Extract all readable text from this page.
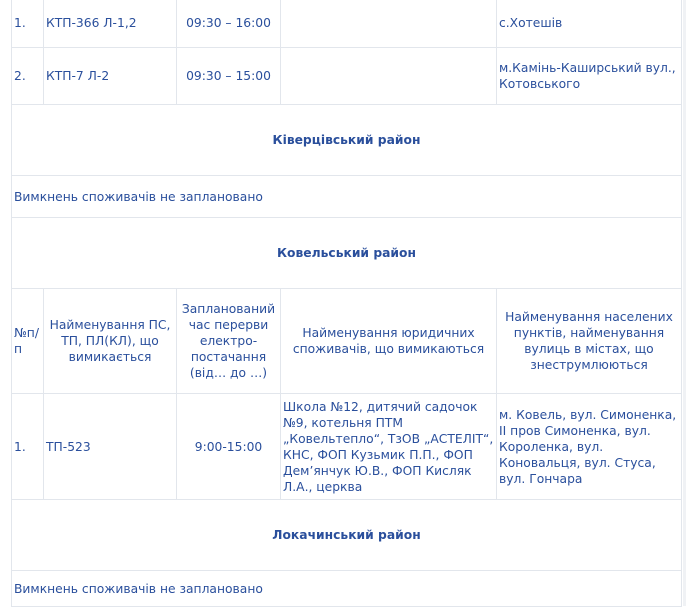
1.	КТП-366 Л-1,2	09:30 – 16:00		с.Хотешів
2.	КТП-7 Л-2	09:30 – 15:00		м.Камінь-Каширський вул., Котовського
Ківерцівський район				
Вимкнень споживачів не заплановано				
Ковельський район				
№п/п	Найменування ПС, ТП, ПЛ(КЛ), що вимикається	Запланований час перерви електро-постачання (від… до …)	Найменування юридичних споживачів, що вимикаються	Найменування населених пунктів, найменування вулиць в містах, що знеструмлюються
1.	ТП-523	9:00-15:00	Школа №12, дитячий садочок №9, котельня ПТМ „Ковельтепло“, ТзОВ „АСТЕЛІТ“, КНС, ФОП Кузьмик П.П., ФОП Дем’янчук Ю.В., ФОП Кисляк Л.А., церква	м. Ковель, вул. Симоненка, ІІ пров Симоненка, вул. Короленка, вул. Коновальця, вул. Стуса, вул. Гончара
Локачинський район				
Вимкнень споживачів не заплановано				
